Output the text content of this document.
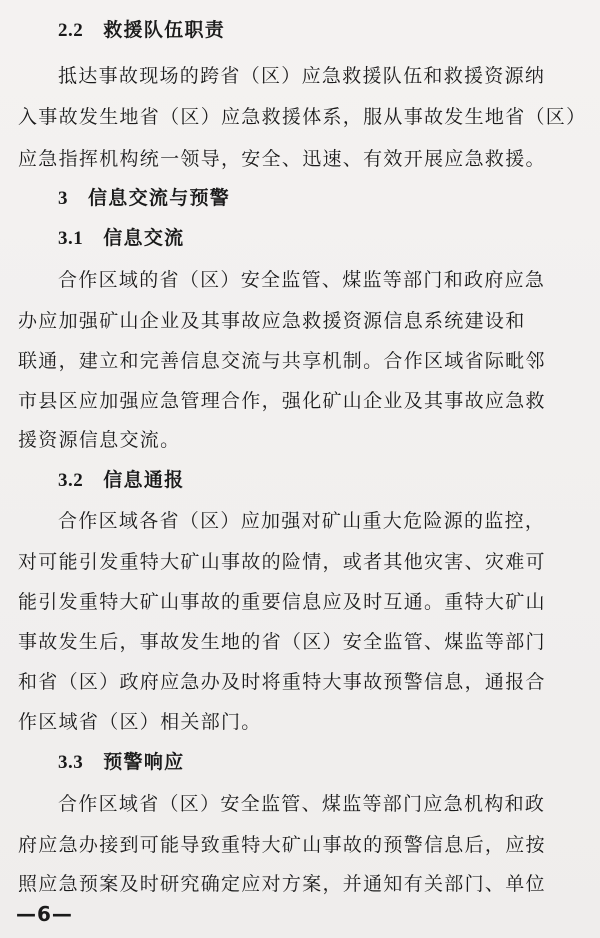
2.2 救援队伍职责
抵达事故现场的跨省（区）应急救援队伍和救援资源纳
入事故发生地省（区）应急救援体系，服从事故发生地省（区）
应急指挥机构统一领导，安全、迅速、有效开展应急救援。
3 信息交流与预警
3.1 信息交流
合作区域的省（区）安全监管、煤监等部门和政府应急
办应加强矿山企业及其事故应急救援资源信息系统建设和
联通，建立和完善信息交流与共享机制。合作区域省际毗邻
市县区应加强应急管理合作，强化矿山企业及其事故应急救
援资源信息交流。
3.2 信息通报
合作区域各省（区）应加强对矿山重大危险源的监控，
对可能引发重特大矿山事故的险情，或者其他灾害、灾难可
能引发重特大矿山事故的重要信息应及时互通。重特大矿山
事故发生后，事故发生地的省（区）安全监管、煤监等部门
和省（区）政府应急办及时将重特大事故预警信息，通报合
作区域省（区）相关部门。
3.3 预警响应
合作区域省（区）安全监管、煤监等部门应急机构和政
府应急办接到可能导致重特大矿山事故的预警信息后，应按
照应急预案及时研究确定应对方案，并通知有关部门、单位
—6—
